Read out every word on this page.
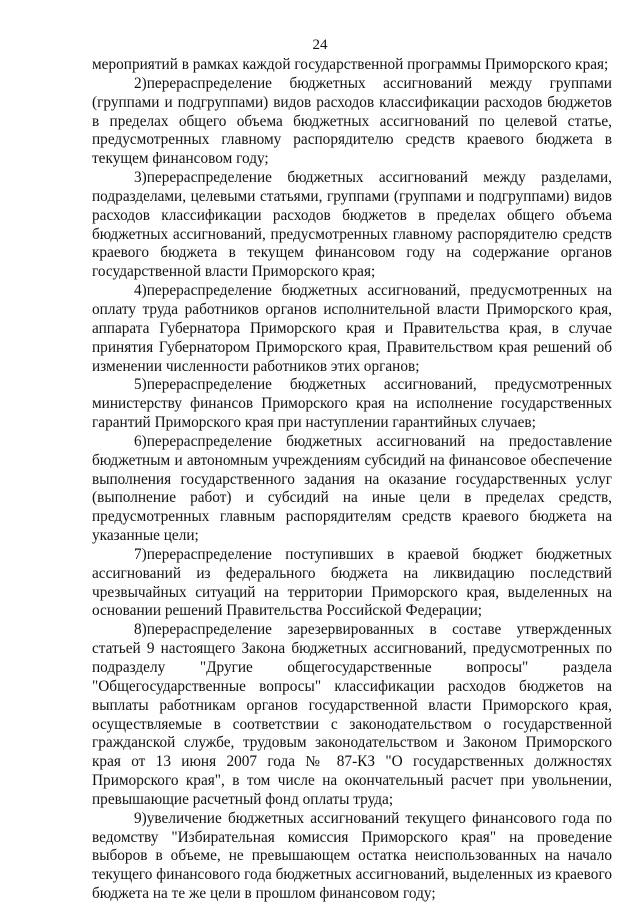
24

мероприятий в рамках каждой государственной программы Приморского края;

2)перераспределение бюджетных ассигнований между группами (группами и подгруппами) видов расходов классификации расходов бюджетов в пределах общего объема бюджетных ассигнований по целевой статье, предусмотренных главному распорядителю средств краевого бюджета в текущем финансовом году;

3)перераспределение бюджетных ассигнований между разделами, подразделами, целевыми статьями, группами (группами и подгруппами) видов расходов классификации расходов бюджетов в пределах общего объема бюджетных ассигнований, предусмотренных главному распорядителю средств краевого бюджета в текущем финансовом году на содержание органов государственной власти Приморского края;

4)перераспределение бюджетных ассигнований, предусмотренных на оплату труда работников органов исполнительной власти Приморского края, аппарата Губернатора Приморского края и Правительства края, в случае принятия Губернатором Приморского края, Правительством края решений об изменении численности работников этих органов;

5)перераспределение бюджетных ассигнований, предусмотренных министерству финансов Приморского края на исполнение государственных гарантий Приморского края при наступлении гарантийных случаев;

6)перераспределение бюджетных ассигнований на предоставление бюджетным и автономным учреждениям субсидий на финансовое обеспечение выполнения государственного задания на оказание государственных услуг (выполнение работ) и субсидий на иные цели в пределах средств, предусмотренных главным распорядителям средств краевого бюджета на указанные цели;

7)перераспределение поступивших в краевой бюджет бюджетных ассигнований из федерального бюджета на ликвидацию последствий чрезвычайных ситуаций на территории Приморского края, выделенных на основании решений Правительства Российской Федерации;

8)перераспределение зарезервированных в составе утвержденных статьей 9 настоящего Закона бюджетных ассигнований, предусмотренных по подразделу "Другие общегосударственные вопросы" раздела "Общегосударственные вопросы" классификации расходов бюджетов на выплаты работникам органов государственной власти Приморского края, осуществляемые в соответствии с законодательством о государственной гражданской службе, трудовым законодательством и Законом Приморского края от 13 июня 2007 года № 87-КЗ "О государственных должностях Приморского края", в том числе на окончательный расчет при увольнении, превышающие расчетный фонд оплаты труда;

9)увеличение бюджетных ассигнований текущего финансового года по ведомству "Избирательная комиссия Приморского края" на проведение выборов в объеме, не превышающем остатка неиспользованных на начало текущего финансового года бюджетных ассигнований, выделенных из краевого бюджета на те же цели в прошлом финансовом году;
